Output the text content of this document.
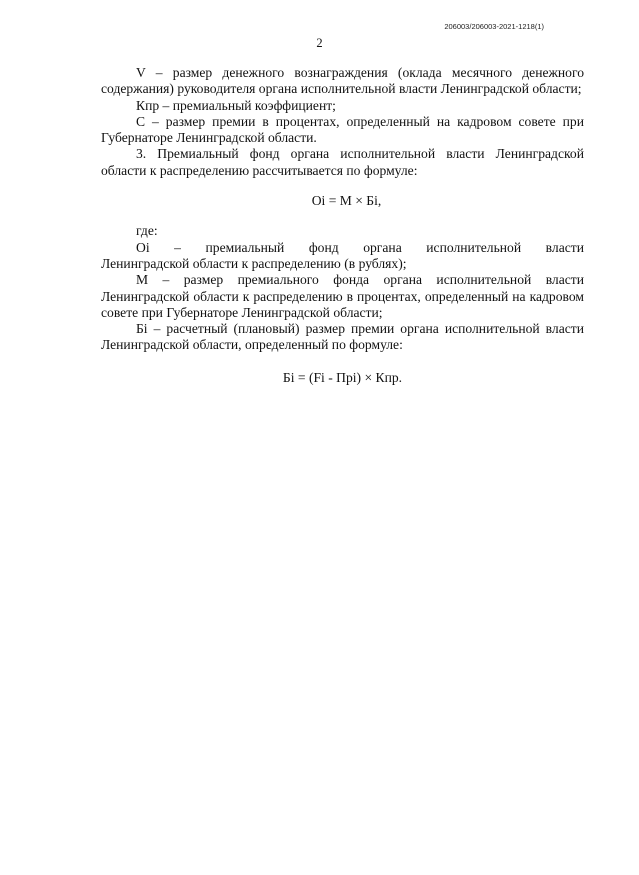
206003/206003-2021-1218(1)
2

V – размер денежного вознаграждения (оклада месячного денежного содержания) руководителя органа исполнительной власти Ленинградской области;

Кпр – премиальный коэффициент;

С – размер премии в процентах, определенный на кадровом совете при Губернаторе Ленинградской области.

3. Премиальный фонд органа исполнительной власти Ленинградской области к распределению рассчитывается по формуле:

Оi = М × Бi,

где:

Оi – премиальный фонд органа исполнительной власти

Ленинградской области к распределению (в рублях);

М – размер премиального фонда органа исполнительной власти Ленинградской области к распределению в процентах, определенный на кадровом совете при Губернаторе Ленинградской области;

Бi – расчетный (плановый) размер премии органа исполнительной власти Ленинградской области, определенный по формуле:

Бi = (Fi - Пpi) × Кпр.
